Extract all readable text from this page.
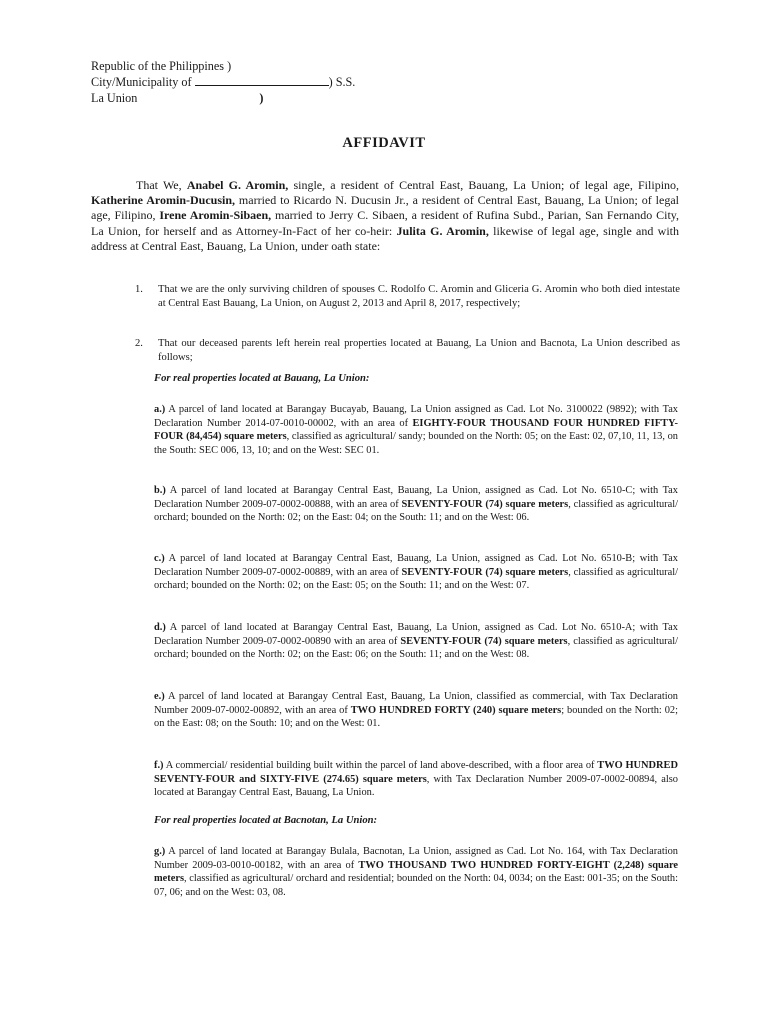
Republic of the Philippines )
City/Municipality of	) S.S.
La Union	)
AFFIDAVIT
That We, Anabel G. Aromin, single, a resident of Central East, Bauang, La Union; of legal age, Filipino, Katherine Aromin-Ducusin, married to Ricardo N. Ducusin Jr., a resident of Central East, Bauang, La Union; of legal age, Filipino, Irene Aromin-Sibaen, married to Jerry C. Sibaen, a resident of Rufina Subd., Parian, San Fernando City, La Union, for herself and as Attorney-In-Fact of her co-heir: Julita G. Aromin, likewise of legal age, single and with address at Central East, Bauang, La Union, under oath state:
1. That we are the only surviving children of spouses C. Rodolfo C. Aromin and Gliceria G. Aromin who both died intestate at Central East Bauang, La Union, on August 2, 2013 and April 8, 2017, respectively;
2. That our deceased parents left herein real properties located at Bauang, La Union and Bacnota, La Union described as follows;
For real properties located at Bauang, La Union:
a.) A parcel of land located at Barangay Bucayab, Bauang, La Union assigned as Cad. Lot No. 3100022 (9892); with Tax Declaration Number 2014-07-0010-00002, with an area of EIGHTY-FOUR THOUSAND FOUR HUNDRED FIFTY-FOUR (84,454) square meters, classified as agricultural/ sandy; bounded on the North: 05; on the East: 02, 07,10, 11, 13, on the South: SEC 006, 13, 10; and on the West: SEC 01.
b.) A parcel of land located at Barangay Central East, Bauang, La Union, assigned as Cad. Lot No. 6510-C; with Tax Declaration Number 2009-07-0002-00888, with an area of SEVENTY-FOUR (74) square meters, classified as agricultural/ orchard; bounded on the North: 02; on the East: 04; on the South: 11; and on the West: 06.
c.) A parcel of land located at Barangay Central East, Bauang, La Union, assigned as Cad. Lot No. 6510-B; with Tax Declaration Number 2009-07-0002-00889, with an area of SEVENTY-FOUR (74) square meters, classified as agricultural/ orchard; bounded on the North: 02; on the East: 05; on the South: 11; and on the West: 07.
d.) A parcel of land located at Barangay Central East, Bauang, La Union, assigned as Cad. Lot No. 6510-A; with Tax Declaration Number 2009-07-0002-00890 with an area of SEVENTY-FOUR (74) square meters, classified as agricultural/ orchard; bounded on the North: 02; on the East: 06; on the South: 11; and on the West: 08.
e.) A parcel of land located at Barangay Central East, Bauang, La Union, classified as commercial, with Tax Declaration Number 2009-07-0002-00892, with an area of TWO HUNDRED FORTY (240) square meters; bounded on the North: 02; on the East: 08; on the South: 10; and on the West: 01.
f.) A commercial/ residential building built within the parcel of land above-described, with a floor area of TWO HUNDRED SEVENTY-FOUR and SIXTY-FIVE (274.65) square meters, with Tax Declaration Number 2009-07-0002-00894, also located at Barangay Central East, Bauang, La Union.
For real properties located at Bacnotan, La Union:
g.) A parcel of land located at Barangay Bulala, Bacnotan, La Union, assigned as Cad. Lot No. 164, with Tax Declaration Number 2009-03-0010-00182, with an area of TWO THOUSAND TWO HUNDRED FORTY-EIGHT (2,248) square meters, classified as agricultural/ orchard and residential; bounded on the North: 04, 0034; on the East: 001-35; on the South: 07, 06; and on the West: 03, 08.
